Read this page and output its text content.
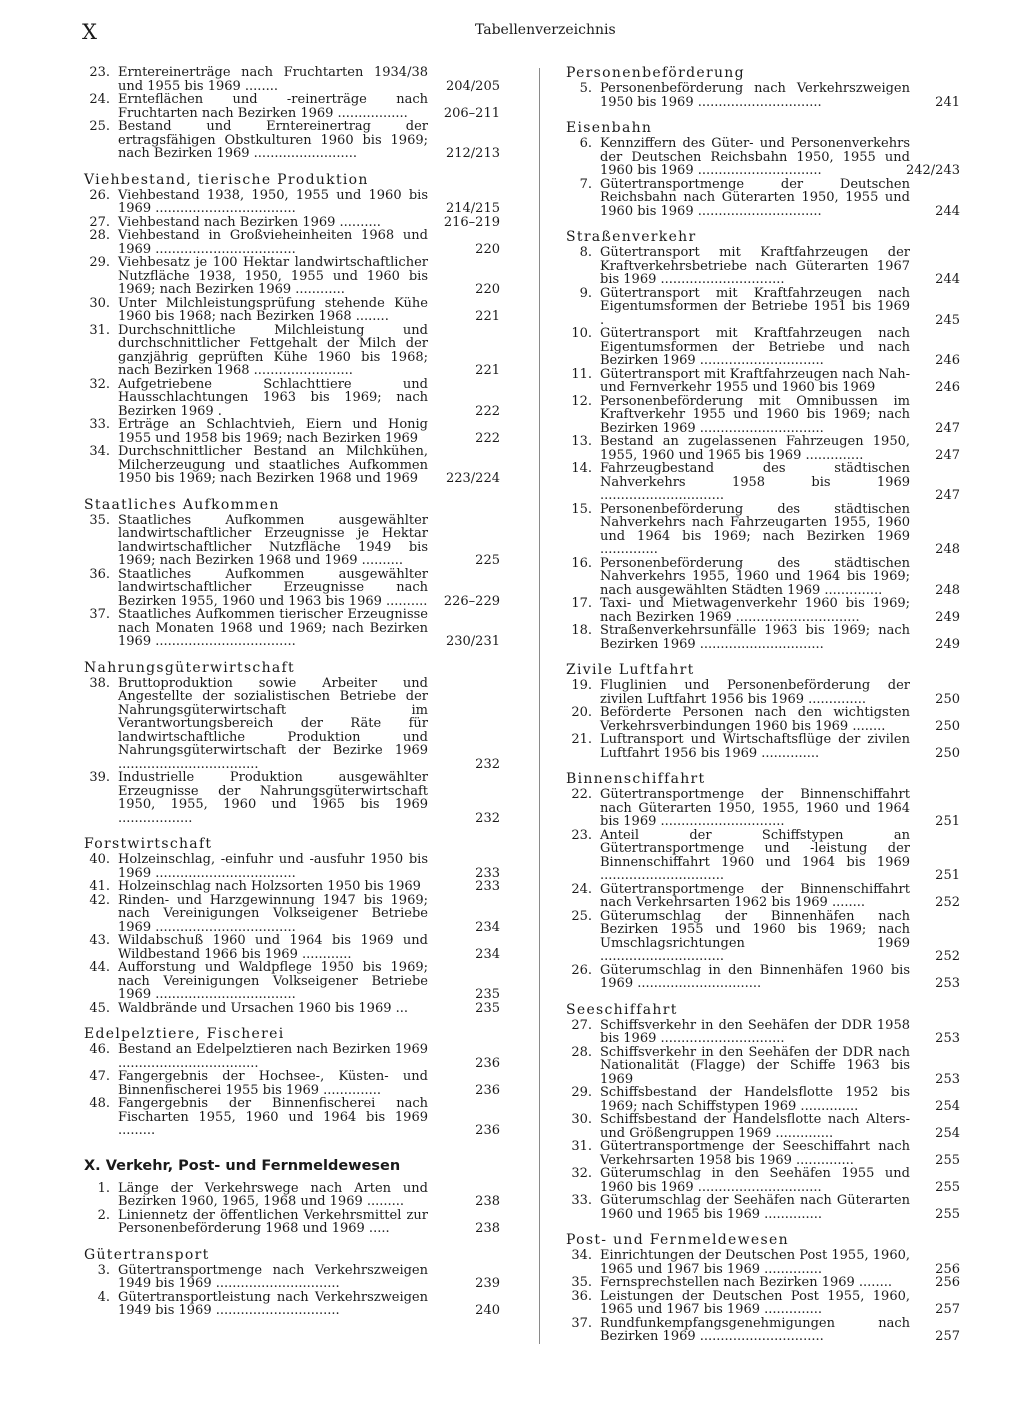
X	Tabellenverzeichnis
23. Erntereinerträge nach Fruchtarten 1934/38 und 1955 bis 1969 ........	204/205
24. Ernteflächen und -reinerträge nach Fruchtarten nach Bezirken 1969 .................	206–211
25. Bestand und Erntereinertrag der ertragsfähigen Obstkulturen 1960 bis 1969; nach Bezirken 1969 .........................	212/213
Viehbestand, tierische Produktion
26. Viehbestand 1938, 1950, 1955 und 1960 bis 1969 ..................................	214/215
27. Viehbestand nach Bezirken 1969 ..........	216–219
28. Viehbestand in Großvieheinheiten 1968 und 1969 ..................................	220
29. Viehbesatz je 100 Hektar landwirtschaftlicher Nutzfläche 1938, 1950, 1955 und 1960 bis 1969; nach Bezirken 1969 ............	220
30. Unter Milchleistungsprüfung stehende Kühe 1960 bis 1968; nach Bezirken 1968 ........	221
31. Durchschnittliche Milchleistung und durchschnittlicher Fettgehalt der Milch der ganzjährig geprüften Kühe 1960 bis 1968; nach Bezirken 1968 ........................	221
32. Aufgetriebene Schlachttiere und Hausschlachtungen 1963 bis 1969; nach Bezirken 1969 .	222
33. Erträge an Schlachtvieh, Eiern und Honig 1955 und 1958 bis 1969; nach Bezirken 1969	222
34. Durchschnittlicher Bestand an Milchkühen, Milcherzeugung und staatliches Aufkommen 1950 bis 1969; nach Bezirken 1968 und 1969	223/224
Staatliches Aufkommen
35. Staatliches Aufkommen ausgewählter landwirtschaftlicher Erzeugnisse je Hektar landwirtschaftlicher Nutzfläche 1949 bis 1969; nach Bezirken 1968 und 1969 ..........	225
36. Staatliches Aufkommen ausgewählter landwirtschaftlicher Erzeugnisse nach Bezirken 1955, 1960 und 1963 bis 1969 .......... 226–229
37. Staatliches Aufkommen tierischer Erzeugnisse nach Monaten 1968 und 1969; nach Bezirken 1969 ..................................	230/231
Nahrungsgüterwirtschaft
38. Bruttoproduktion sowie Arbeiter und Angestellte der sozialistischen Betriebe der Nahrungsgüterwirtschaft im Verantwortungsbereich der Räte für landwirtschaftliche Produktion und Nahrungsgüterwirtschaft der Bezirke 1969 ..................................	232
39. Industrielle Produktion ausgewählter Erzeugnisse der Nahrungsgüterwirtschaft 1950, 1955, 1960 und 1965 bis 1969 ..................	232
Forstwirtschaft
40. Holzeinschlag, -einfuhr und -ausfuhr 1950 bis 1969 ..................................	233
41. Holzeinschlag nach Holzsorten 1950 bis 1969	233
42. Rinden- und Harzgewinnung 1947 bis 1969; nach Vereinigungen Volkseigener Betriebe 1969 ..................................	234
43. Wildabschuß 1960 und 1964 bis 1969 und Wildbestand 1966 bis 1969 ............	234
44. Aufforstung und Waldpflege 1950 bis 1969; nach Vereinigungen Volkseigener Betriebe 1969 ..................................	235
45. Waldbrände und Ursachen 1960 bis 1969 ...	235
Edelpelztiere, Fischerei
46. Bestand an Edelpelztieren nach Bezirken 1969 ..................................	236
47. Fangergebnis der Hochsee-, Küsten- und Binnenfischerei 1955 bis 1969 ..............	236
48. Fangergebnis der Binnenfischerei nach Fischarten 1955, 1960 und 1964 bis 1969 .........	236
X. Verkehr, Post- und Fernmeldewesen
1. Länge der Verkehrswege nach Arten und Bezirken 1960, 1965, 1968 und 1969 .........	238
2. Liniennetz der öffentlichen Verkehrsmittel zur Personenbeförderung 1968 und 1969 .....	238
Gütertransport
3. Gütertransportmenge nach Verkehrszweigen 1949 bis 1969 ..............................	239
4. Gütertransportleistung nach Verkehrszweigen 1949 bis 1969 ..............................	240
Personenbeförderung
5. Personenbeförderung nach Verkehrszweigen 1950 bis 1969 ..............................	241
Eisenbahn
6. Kennziffern des Güter- und Personenverkehrs der Deutschen Reichsbahn 1950, 1955 und 1960 bis 1969 ..............................	242/243
7. Gütertransportmenge der Deutschen Reichsbahn nach Güterarten 1950, 1955 und 1960 bis 1969 ..............................	244
Straßenverkehr
8. Gütertransport mit Kraftfahrzeugen der Kraftverkehrsbetriebe nach Güterarten 1967 bis 1969 ..............................	244
9. Gütertransport mit Kraftfahrzeugen nach Eigentumsformen der Betriebe 1951 bis 1969 .	245
10. Gütertransport mit Kraftfahrzeugen nach Eigentumsformen der Betriebe und nach Bezirken 1969 ..............................	246
11. Gütertransport mit Kraftfahrzeugen nach Nah- und Fernverkehr 1955 und 1960 bis 1969	246
12. Personenbeförderung mit Omnibussen im Kraftverkehr 1955 und 1960 bis 1969; nach Bezirken 1969 ..............................	247
13. Bestand an zugelassenen Fahrzeugen 1950, 1955, 1960 und 1965 bis 1969 ..............	247
14. Fahrzeugbestand des städtischen Nahverkehrs 1958 bis 1969 ..............................	247
15. Personenbeförderung des städtischen Nahverkehrs nach Fahrzeugarten 1955, 1960 und 1964 bis 1969; nach Bezirken 1969 ..............	248
16. Personenbeförderung des städtischen Nahverkehrs 1955, 1960 und 1964 bis 1969; nach ausgewählten Städten 1969 ..............	248
17. Taxi- und Mietwagenverkehr 1960 bis 1969; nach Bezirken 1969 ..............................	249
18. Straßenverkehrsunfälle 1963 bis 1969; nach Bezirken 1969 ..............................	249
Zivile Luftfahrt
19. Fluglinien und Personenbeförderung der zivilen Luftfahrt 1956 bis 1969 ..............	250
20. Beförderte Personen nach den wichtigsten Verkehrsverbindungen 1960 bis 1969 ........	250
21. Luftransport und Wirtschaftsflüge der zivilen Luftfahrt 1956 bis 1969 ..............	250
Binnenschiffahrt
22. Gütertransportmenge der Binnenschiffahrt nach Güterarten 1950, 1955, 1960 und 1964 bis 1969 ..............................	251
23. Anteil der Schiffstypen an Gütertransportmenge und -leistung der Binnenschiffahrt 1960 und 1964 bis 1969 ..............................	251
24. Gütertransportmenge der Binnenschiffahrt nach Verkehrsarten 1962 bis 1969 ........	252
25. Güterumschlag der Binnenhäfen nach Bezirken 1955 und 1960 bis 1969; nach Umschlagsrichtungen 1969 ..............................	252
26. Güterumschlag in den Binnenhäfen 1960 bis 1969 ..............................	253
Seeschiffahrt
27. Schiffsverkehr in den Seehäfen der DDR 1958 bis 1969 ..............................	253
28. Schiffsverkehr in den Seehäfen der DDR nach Nationalität (Flagge) der Schiffe 1963 bis 1969	253
29. Schiffsbestand der Handelsflotte 1952 bis 1969; nach Schiffstypen 1969 ..............	254
30. Schiffsbestand der Handelsflotte nach Alters- und Größengruppen 1969 ..............	254
31. Gütertransportmenge der Seeschiffahrt nach Verkehrsarten 1958 bis 1969 ..............	255
32. Güterumschlag in den Seehäfen 1955 und 1960 bis 1969 ..............................	255
33. Güterumschlag der Seehäfen nach Güterarten 1960 und 1965 bis 1969 ..............	255
Post- und Fernmeldewesen
34. Einrichtungen der Deutschen Post 1955, 1960, 1965 und 1967 bis 1969 ..............	256
35. Fernsprechstellen nach Bezirken 1969 ........	256
36. Leistungen der Deutschen Post 1955, 1960, 1965 und 1967 bis 1969 ..............	257
37. Rundfunkempfangsgenehmigungen nach Bezirken 1969 ..............................	257
